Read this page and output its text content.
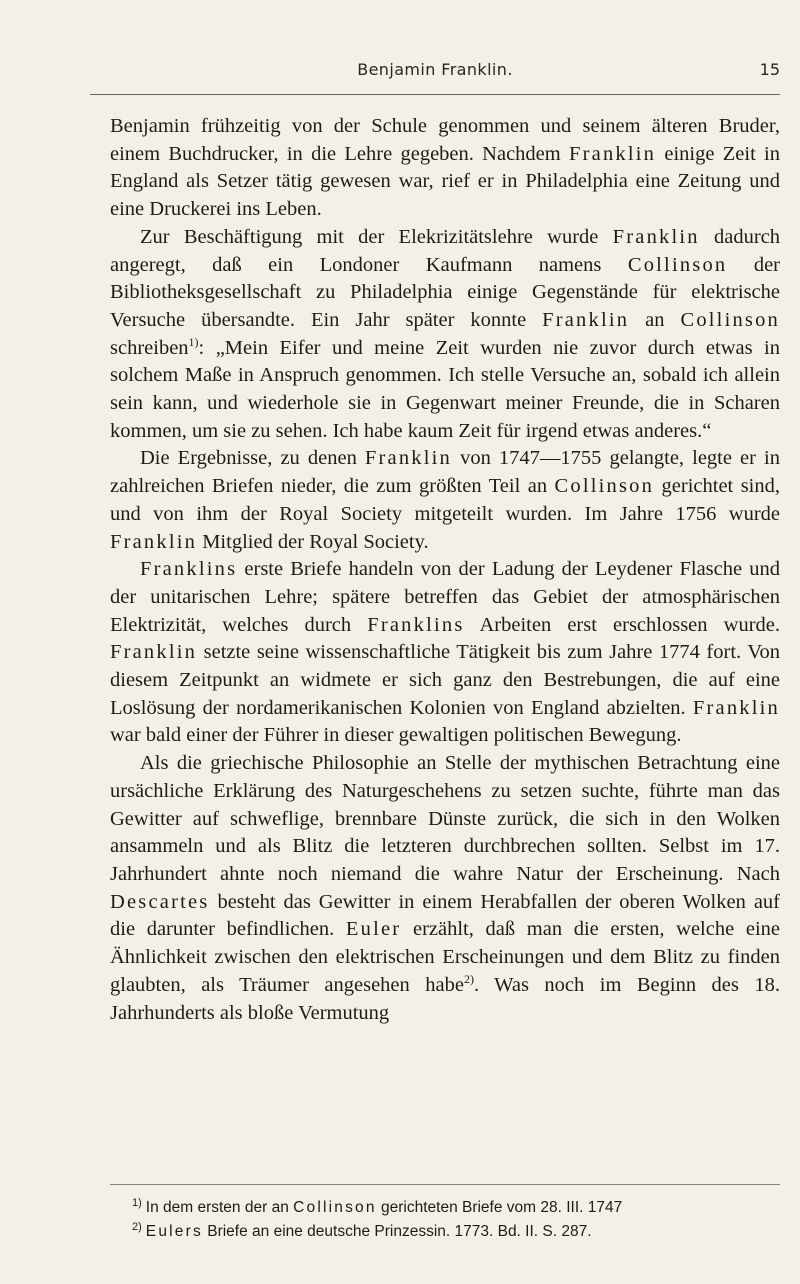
Benjamin Franklin.	15

Benjamin frühzeitig von der Schule genommen und seinem älteren Bruder, einem Buchdrucker, in die Lehre gegeben. Nachdem Franklin einige Zeit in England als Setzer tätig gewesen war, rief er in Philadelphia eine Zeitung und eine Druckerei ins Leben.

Zur Beschäftigung mit der Elekrizitätslehre wurde Franklin dadurch angeregt, daß ein Londoner Kaufmann namens Collinson der Bibliotheksgesellschaft zu Philadelphia einige Gegenstände für elektrische Versuche übersandte. Ein Jahr später konnte Franklin an Collinson schreiben$^{1)}$: „Mein Eifer und meine Zeit wurden nie zuvor durch etwas in solchem Maße in Anspruch genommen. Ich stelle Versuche an, sobald ich allein sein kann, und wiederhole sie in Gegenwart meiner Freunde, die in Scharen kommen, um sie zu sehen. Ich habe kaum Zeit für irgend etwas anderes.“

Die Ergebnisse, zu denen Franklin von 1747—1755 gelangte, legte er in zahlreichen Briefen nieder, die zum größten Teil an Collinson gerichtet sind, und von ihm der Royal Society mitgeteilt wurden. Im Jahre 1756 wurde Franklin Mitglied der Royal Society.

Franklins erste Briefe handeln von der Ladung der Leydener Flasche und der unitarischen Lehre; spätere betreffen das Gebiet der atmosphärischen Elektrizität, welches durch Franklins Arbeiten erst erschlossen wurde. Franklin setzte seine wissenschaftliche Tätigkeit bis zum Jahre 1774 fort. Von diesem Zeitpunkt an widmete er sich ganz den Bestrebungen, die auf eine Loslösung der nordamerikanischen Kolonien von England abzielten. Franklin war bald einer der Führer in dieser gewaltigen politischen Bewegung.

Als die griechische Philosophie an Stelle der mythischen Betrachtung eine ursächliche Erklärung des Naturgeschehens zu setzen suchte, führte man das Gewitter auf schweflige, brennbare Dünste zurück, die sich in den Wolken ansammeln und als Blitz die letzteren durchbrechen sollten. Selbst im 17. Jahrhundert ahnte noch niemand die wahre Natur der Erscheinung. Nach Descartes besteht das Gewitter in einem Herabfallen der oberen Wolken auf die darunter befindlichen. Euler erzählt, daß man die ersten, welche eine Ähnlichkeit zwischen den elektrischen Erscheinungen und dem Blitz zu finden glaubten, als Träumer angesehen habe$^{2)}$. Was noch im Beginn des 18. Jahrhunderts als bloße Vermutung

$^{1)}$ In dem ersten der an Collinson gerichteten Briefe vom 28. III. 1747

$^{2)}$ Eulers Briefe an eine deutsche Prinzessin. 1773. Bd. II. S. 287.
